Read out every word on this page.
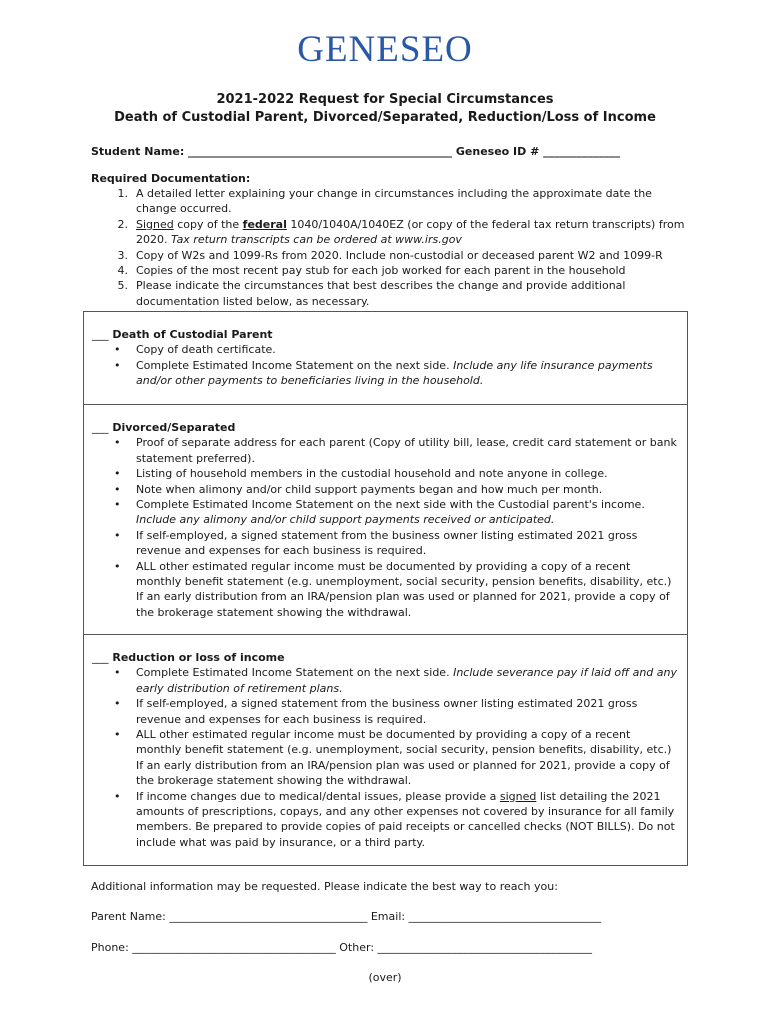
GENESEO
2021-2022 Request for Special Circumstances
Death of Custodial Parent, Divorced/Separated, Reduction/Loss of Income
Student Name: ________________________________________________ Geneseo ID # ______________
Required Documentation:
1. A detailed letter explaining your change in circumstances including the approximate date the change occurred.
2. Signed copy of the federal 1040/1040A/1040EZ (or copy of the federal tax return transcripts) from 2020. Tax return transcripts can be ordered at www.irs.gov
3. Copy of W2s and 1099-Rs from 2020. Include non-custodial or deceased parent W2 and 1099-R
4. Copies of the most recent pay stub for each job worked for each parent in the household
5. Please indicate the circumstances that best describes the change and provide additional documentation listed below, as necessary.
___ Death of Custodial Parent
• Copy of death certificate.
• Complete Estimated Income Statement on the next side. Include any life insurance payments and/or other payments to beneficiaries living in the household.
___ Divorced/Separated
• Proof of separate address for each parent (Copy of utility bill, lease, credit card statement or bank statement preferred).
• Listing of household members in the custodial household and note anyone in college.
• Note when alimony and/or child support payments began and how much per month.
• Complete Estimated Income Statement on the next side with the Custodial parent's income. Include any alimony and/or child support payments received or anticipated.
• If self-employed, a signed statement from the business owner listing estimated 2021 gross revenue and expenses for each business is required.
• ALL other estimated regular income must be documented by providing a copy of a recent monthly benefit statement (e.g. unemployment, social security, pension benefits, disability, etc.) If an early distribution from an IRA/pension plan was used or planned for 2021, provide a copy of the brokerage statement showing the withdrawal.
___ Reduction or loss of income
• Complete Estimated Income Statement on the next side. Include severance pay if laid off and any early distribution of retirement plans.
• If self-employed, a signed statement from the business owner listing estimated 2021 gross revenue and expenses for each business is required.
• ALL other estimated regular income must be documented by providing a copy of a recent monthly benefit statement (e.g. unemployment, social security, pension benefits, disability, etc.) If an early distribution from an IRA/pension plan was used or planned for 2021, provide a copy of the brokerage statement showing the withdrawal.
• If income changes due to medical/dental issues, please provide a signed list detailing the 2021 amounts of prescriptions, copays, and any other expenses not covered by insurance for all family members. Be prepared to provide copies of paid receipts or cancelled checks (NOT BILLS). Do not include what was paid by insurance, or a third party.
Additional information may be requested. Please indicate the best way to reach you:
Parent Name: ____________________________________ Email: ___________________________________
Phone: _____________________________________ Other: _______________________________________
(over)
